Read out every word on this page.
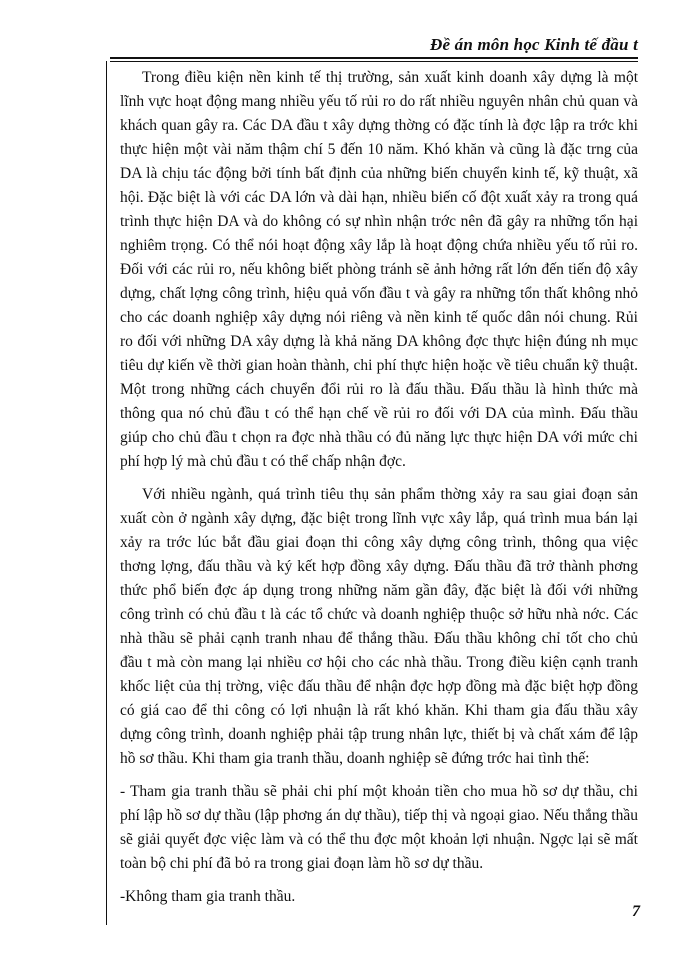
Đề án môn học Kinh tế đầu t

Trong điều kiện nền kinh tế thị trường, sản xuất kinh doanh xây dựng là một lĩnh vực hoạt động mang nhiều yếu tố rủi ro do rất nhiều nguyên nhân chủ quan và khách quan gây ra. Các DA đầu t xây dựng thờng có đặc tính là đợc lập ra trớc khi thực hiện một vài năm thậm chí 5 đến 10 năm. Khó khăn và cũng là đặc trng của DA là chịu tác động bởi tính bất định của những biến chuyển kinh tế, kỹ thuật, xã hội. Đặc biệt là với các DA lớn và dài hạn, nhiều biến cố đột xuất xảy ra trong quá trình thực hiện DA và do không có sự nhìn nhận trớc nên đã gây ra những tổn hại nghiêm trọng. Có thể nói hoạt động xây lắp là hoạt động chứa nhiều yếu tố rủi ro. Đối với các rủi ro, nếu không biết phòng tránh sẽ ảnh hởng rất lớn đến tiến độ xây dựng, chất lợng công trình, hiệu quả vốn đầu t và gây ra những tổn thất không nhỏ cho các doanh nghiệp xây dựng nói riêng và nền kinh tế quốc dân nói chung. Rủi ro đối với những DA xây dựng là khả năng DA không đợc thực hiện đúng nh mục tiêu dự kiến về thời gian hoàn thành, chi phí thực hiện hoặc về tiêu chuẩn kỹ thuật. Một trong những cách chuyển đổi rủi ro là đấu thầu. Đấu thầu là hình thức mà thông qua nó chủ đầu t có thể hạn chế về rủi ro đối với DA của mình. Đấu thầu giúp cho chủ đầu t chọn ra đợc nhà thầu có đủ năng lực thực hiện DA với mức chi phí hợp lý mà chủ đầu t có thể chấp nhận đợc.

Với nhiều ngành, quá trình tiêu thụ sản phẩm thờng xảy ra sau giai đoạn sản xuất còn ở ngành xây dựng, đặc biệt trong lĩnh vực xây lắp, quá trình mua bán lại xảy ra trớc lúc bắt đầu giai đoạn thi công xây dựng công trình, thông qua việc thơng lợng, đấu thầu và ký kết hợp đồng xây dựng. Đấu thầu đã trở thành phơng thức phổ biến đợc áp dụng trong những năm gần đây, đặc biệt là đối với những công trình có chủ đầu t là các tổ chức và doanh nghiệp thuộc sở hữu nhà nớc. Các nhà thầu sẽ phải cạnh tranh nhau để thắng thầu. Đấu thầu không chỉ tốt cho chủ đầu t mà còn mang lại nhiều cơ hội cho các nhà thầu. Trong điều kiện cạnh tranh khốc liệt của thị trờng, việc đấu thầu để nhận đợc hợp đồng mà đặc biệt hợp đồng có giá cao để thi công có lợi nhuận là rất khó khăn. Khi tham gia đấu thầu xây dựng công trình, doanh nghiệp phải tập trung nhân lực, thiết bị và chất xám để lập hồ sơ thầu. Khi tham gia tranh thầu, doanh nghiệp sẽ đứng trớc hai tình thế:

- Tham gia tranh thầu sẽ phải chi phí một khoản tiền cho mua hồ sơ dự thầu, chi phí lập hồ sơ dự thầu (lập phơng án dự thầu), tiếp thị và ngoại giao. Nếu thắng thầu sẽ giải quyết đợc việc làm và có thể thu đợc một khoản lợi nhuận. Ngợc lại sẽ mất toàn bộ chi phí đã bỏ ra trong giai đoạn làm hồ sơ dự thầu.

-Không tham gia tranh thầu.

7
